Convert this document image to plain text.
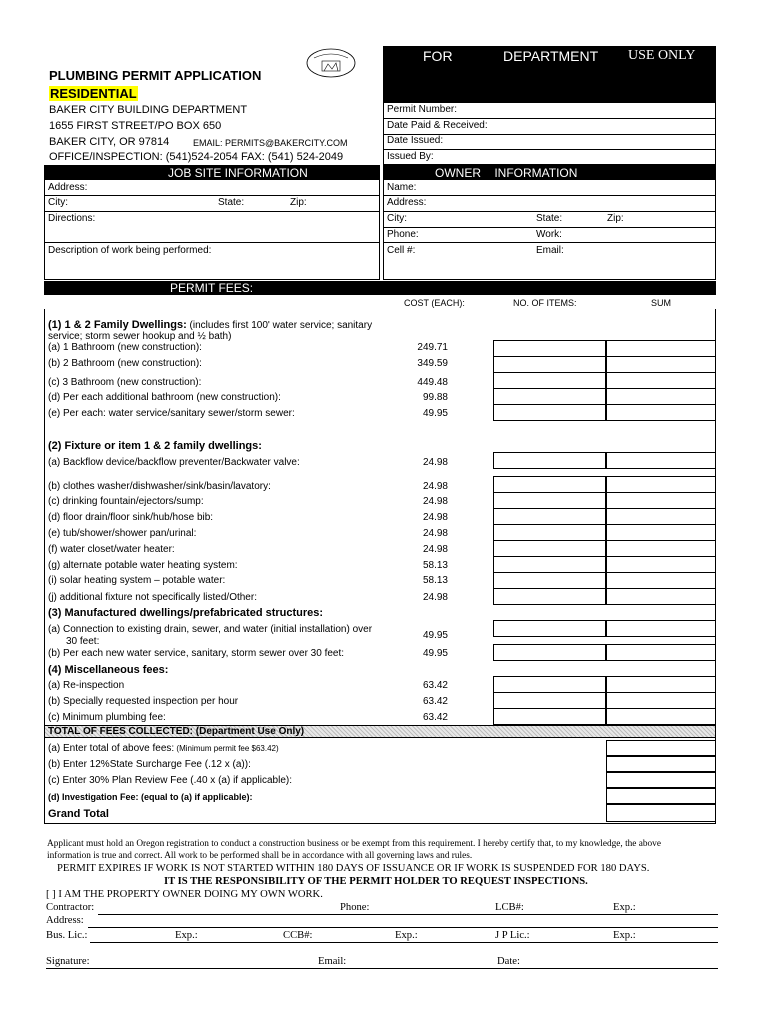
FOR	DEPARTMENT USE ONLY
PLUMBING PERMIT APPLICATION
RESIDENTIAL
BAKER CITY BUILDING DEPARTMENT
1655 FIRST STREET/PO BOX 650
BAKER CITY, OR 97814	EMAIL: PERMITS@BAKERCITY.COM
OFFICE/INSPECTION: (541)524-2054 FAX: (541) 524-2049
Permit Number:
Date Paid & Received:
Date Issued:
Issued By:
JOB SITE INFORMATION	OWNER    INFORMATION
Address:
City:	State:	Zip:
Directions:
Description of work being performed:
Name:
Address:
City:	State:	Zip:
Phone:	Work:
Cell #:	Email:
PERMIT FEES:
COST (EACH):	NO. OF ITEMS:	SUM
(1) 1 & 2 Family Dwellings: (includes first 100' water service; sanitary
service; storm sewer hookup and ½ bath)
(a) 1 Bathroom (new construction):	249.71
(b) 2 Bathroom (new construction):	349.59
(c) 3 Bathroom (new construction):	449.48
(d) Per each additional bathroom (new construction):	99.88
(e) Per each: water service/sanitary sewer/storm sewer:	49.95
(2) Fixture or item 1 & 2 family dwellings:
(a) Backflow device/backflow preventer/Backwater valve:	24.98
(b) clothes washer/dishwasher/sink/basin/lavatory:	24.98
(c) drinking fountain/ejectors/sump:	24.98
(d) floor drain/floor sink/hub/hose bib:	24.98
(e) tub/shower/shower pan/urinal:	24.98
(f) water closet/water heater:	24.98
(g) alternate potable water heating system:	58.13
(i) solar heating system – potable water:	58.13
(j) additional fixture not specifically listed/Other:	24.98
(3) Manufactured dwellings/prefabricated structures:
(a) Connection to existing drain, sewer, and water (initial installation) over
30 feet:
49.95
(b) Per each new water service, sanitary, storm sewer over 30 feet:	49.95
(4) Miscellaneous fees:
(a) Re-inspection	63.42
(b) Specially requested inspection per hour	63.42
(c) Minimum plumbing fee:	63.42
TOTAL OF FEES COLLECTED: (Department Use Only)
(a) Enter total of above fees: (Minimum permit fee $63.42)
(b) Enter 12%State Surcharge Fee (.12 x (a)):
(c) Enter 30% Plan Review Fee (.40 x (a) if applicable):
(d) Investigation Fee: (equal to (a) if applicable):
Grand Total
Applicant must hold an Oregon registration to conduct a construction business or be exempt from this requirement. I hereby certify that, to my knowledge, the above
information is true and correct. All work to be performed shall be in accordance with all governing laws and rules.
PERMIT EXPIRES IF WORK IS NOT STARTED WITHIN 180 DAYS OF ISSUANCE OR IF WORK IS SUSPENDED FOR 180 DAYS.
IT IS THE RESPONSIBILITY OF THE PERMIT HOLDER TO REQUEST INSPECTIONS.
[ ] I AM THE PROPERTY OWNER DOING MY OWN WORK.
Contractor:	Phone:	LCB#:	Exp.:
Address:
Bus. Lic.:	Exp.:	CCB#:	Exp.:	J P Lic.:	Exp.:
Signature:	Email:	Date:
